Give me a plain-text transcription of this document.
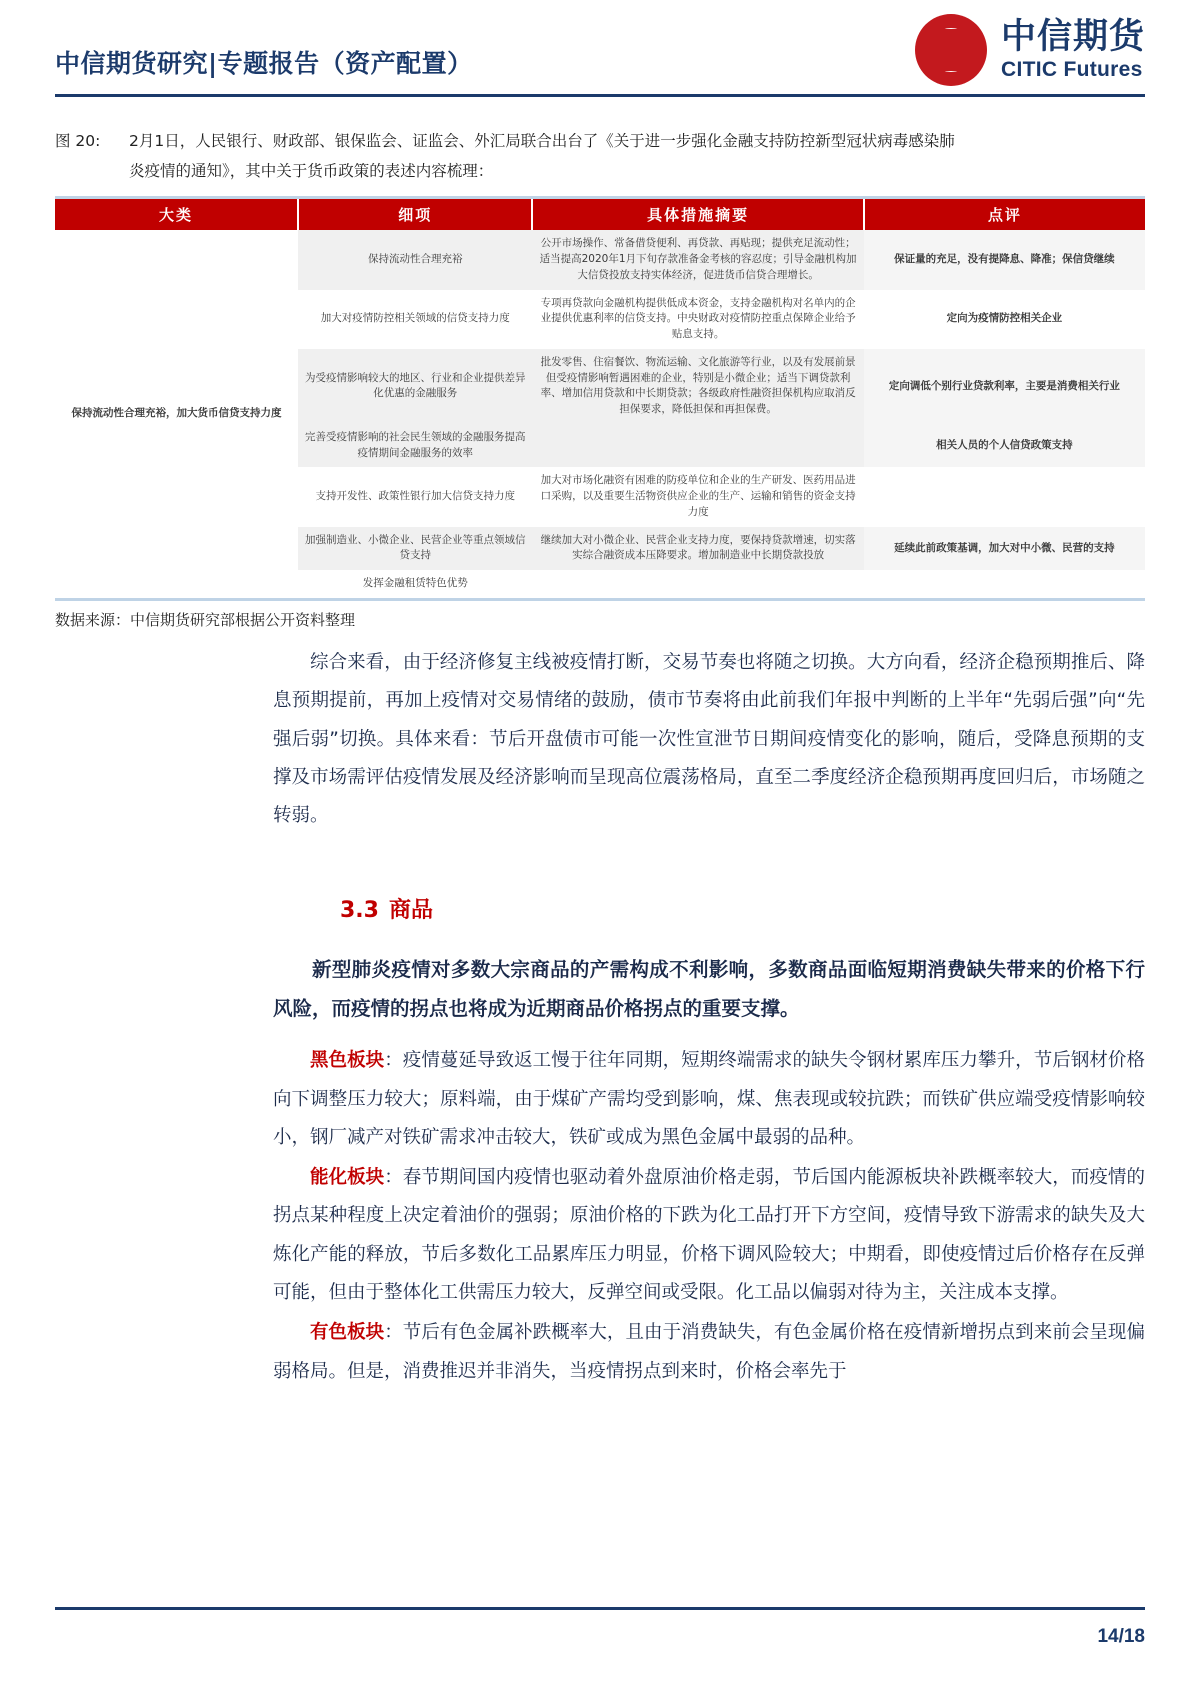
中信期货
CITIC Futures
中信期货研究|专题报告（资产配置）
图 20: 2月1日，人民银行、财政部、银保监会、证监会、外汇局联合出台了《关于进一步强化金融支持防控新型冠状病毒感染肺
炎疫情的通知》，其中关于货币政策的表述内容梳理：
大类	细项	具体措施摘要	点评
保持流动性合理充裕，加大货币信贷支持力度	保持流动性合理充裕	公开市场操作、常备借贷便利、再贷款、再贴现；提供充足流动性；适当提高2020年1月下旬存款准备金考核的容忍度；引导金融机构加大信贷投放支持实体经济，促进货币信贷合理增长。	保证量的充足，没有提降息、降准；保信贷继续
	加大对疫情防控相关领域的信贷支持力度	专项再贷款向金融机构提供低成本资金，支持金融机构对名单内的企业提供优惠利率的信贷支持。中央财政对疫情防控重点保障企业给予贴息支持。	定向为疫情防控相关企业
	为受疫情影响较大的地区、行业和企业提供差异化优惠的金融服务	批发零售、住宿餐饮、物流运输、文化旅游等行业，以及有发展前景但受疫情影响暂遇困难的企业，特别是小微企业；适当下调贷款利率、增加信用贷款和中长期贷款；各级政府性融资担保机构应取消反担保要求，降低担保和再担保费。	定向调低个别行业贷款利率，主要是消费相关行业
	完善受疫情影响的社会民生领域的金融服务提高疫情期间金融服务的效率		相关人员的个人信贷政策支持
	支持开发性、政策性银行加大信贷支持力度	加大对市场化融资有困难的防疫单位和企业的生产研发、医药用品进口采购，以及重要生活物资供应企业的生产、运输和销售的资金支持力度	
	加强制造业、小微企业、民营企业等重点领域信贷支持	继续加大对小微企业、民营企业支持力度，要保持贷款增速，切实落实综合融资成本压降要求。增加制造业中长期贷款投放	延续此前政策基调，加大对中小微、民营的支持
	发挥金融租赁特色优势		
数据来源：中信期货研究部根据公开资料整理

综合来看，由于经济修复主线被疫情打断，交易节奏也将随之切换。大方向看，经济企稳预期推后、降息预期提前，再加上疫情对交易情绪的鼓励，债市节奏将由此前我们年报中判断的上半年“先弱后强”向“先强后弱”切换。具体来看：节后开盘债市可能一次性宣泄节日期间疫情变化的影响，随后，受降息预期的支撑及市场需评估疫情发展及经济影响而呈现高位震荡格局，直至二季度经济企稳预期再度回归后，市场随之转弱。

3.3 商品

新型肺炎疫情对多数大宗商品的产需构成不利影响，多数商品面临短期消费缺失带来的价格下行风险，而疫情的拐点也将成为近期商品价格拐点的重要支撑。

黑色板块：疫情蔓延导致返工慢于往年同期，短期终端需求的缺失令钢材累库压力攀升，节后钢材价格向下调整压力较大；原料端，由于煤矿产需均受到影响，煤、焦表现或较抗跌；而铁矿供应端受疫情影响较小，钢厂减产对铁矿需求冲击较大，铁矿或成为黑色金属中最弱的品种。

能化板块：春节期间国内疫情也驱动着外盘原油价格走弱，节后国内能源板块补跌概率较大，而疫情的拐点某种程度上决定着油价的强弱；原油价格的下跌为化工品打开下方空间，疫情导致下游需求的缺失及大炼化产能的释放，节后多数化工品累库压力明显，价格下调风险较大；中期看，即使疫情过后价格存在反弹可能，但由于整体化工供需压力较大，反弹空间或受限。化工品以偏弱对待为主，关注成本支撑。

有色板块：节后有色金属补跌概率大，且由于消费缺失，有色金属价格在疫情新增拐点到来前会呈现偏弱格局。但是，消费推迟并非消失，当疫情拐点到来时，价格会率先于

14/18
